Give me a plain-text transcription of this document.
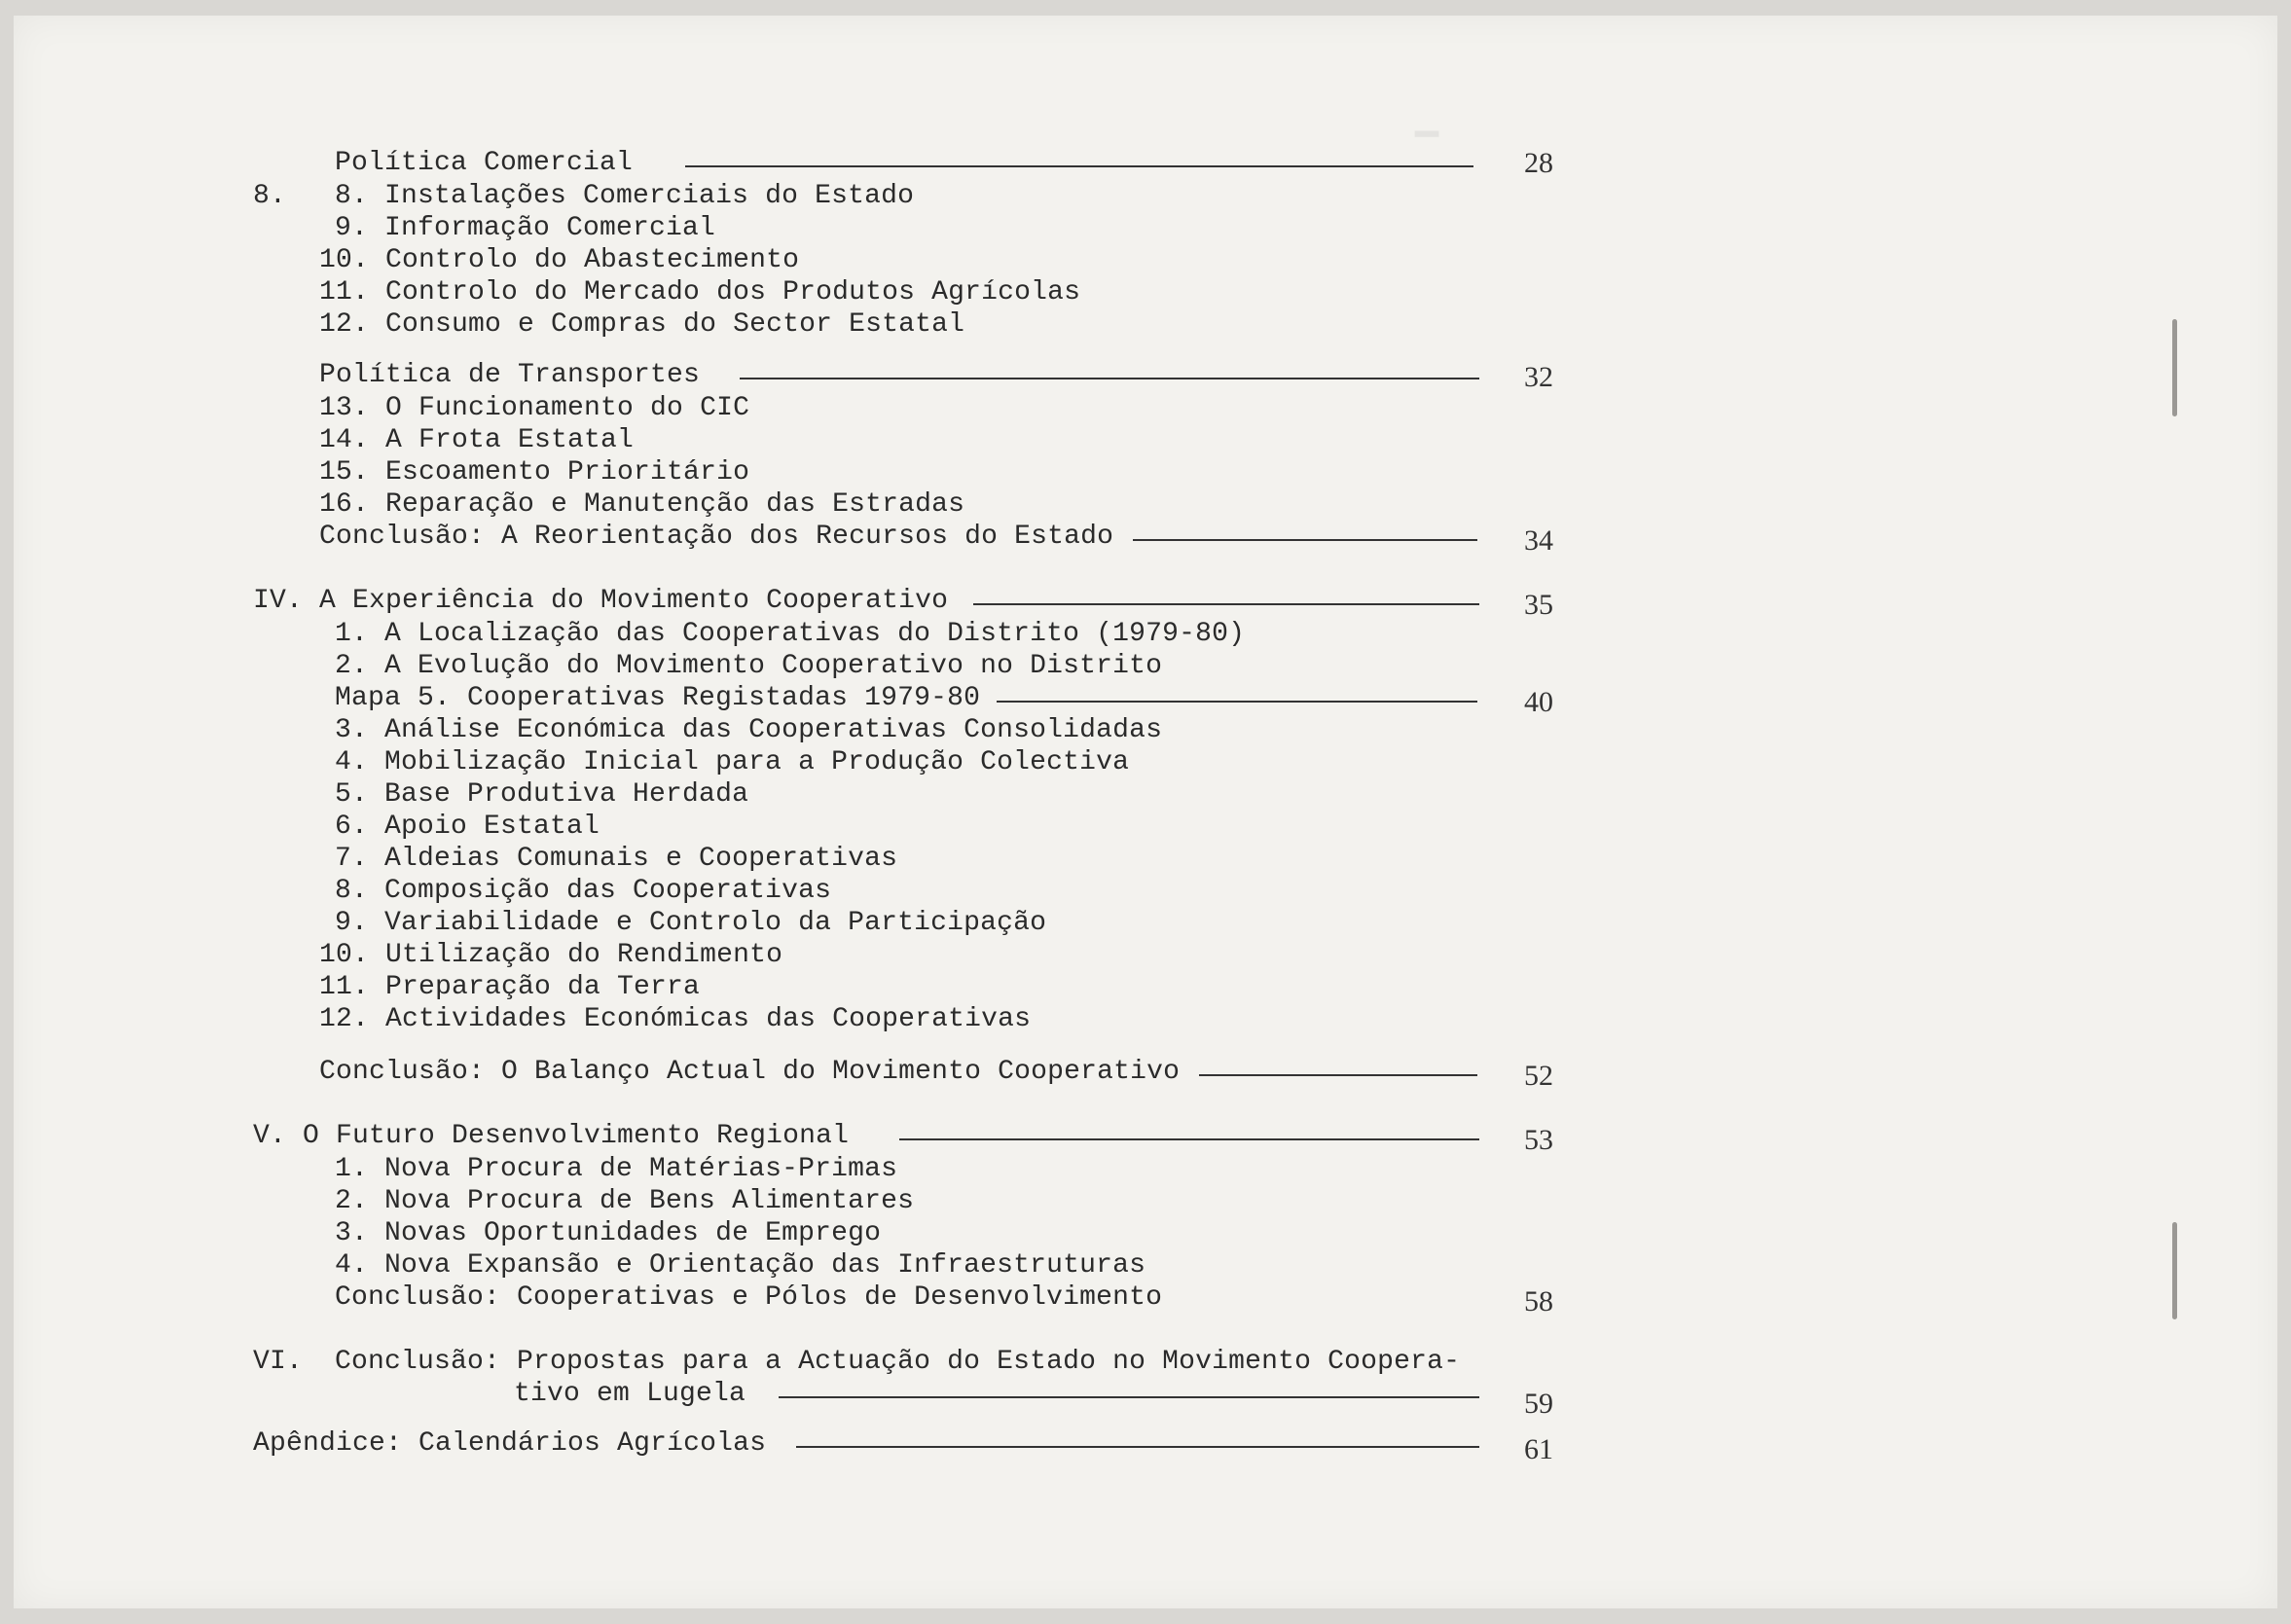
▔
Política Comercial	28
8. 8. Instalações Comerciais do Estado
9. Informação Comercial
10. Controlo do Abastecimento
11. Controlo do Mercado dos Produtos Agrícolas
12. Consumo e Compras do Sector Estatal
Política de Transportes	32
13. O Funcionamento do CIC
14. A Frota Estatal
15. Escoamento Prioritário
16. Reparação e Manutenção das Estradas
Conclusão: A Reorientação dos Recursos do Estado	34
IV. A Experiência do Movimento Cooperativo	35
1. A Localização das Cooperativas do Distrito (1979-80)
2. A Evolução do Movimento Cooperativo no Distrito
Mapa 5. Cooperativas Registadas 1979-80	40
3. Análise Económica das Cooperativas Consolidadas
4. Mobilização Inicial para a Produção Colectiva
5. Base Produtiva Herdada
6. Apoio Estatal
7. Aldeias Comunais e Cooperativas
8. Composição das Cooperativas
9. Variabilidade e Controlo da Participação
10. Utilização do Rendimento
11. Preparação da Terra
12. Actividades Económicas das Cooperativas
Conclusão: O Balanço Actual do Movimento Cooperativo	52
V. O Futuro Desenvolvimento Regional	53
1. Nova Procura de Matérias-Primas
2. Nova Procura de Bens Alimentares
3. Novas Oportunidades de Emprego
4. Nova Expansão e Orientação das Infraestruturas
Conclusão: Cooperativas e Pólos de Desenvolvimento	58
VI. Conclusão: Propostas para a Actuação do Estado no Movimento Coopera-
tivo em Lugela	59
Apêndice: Calendários Agrícolas	61
